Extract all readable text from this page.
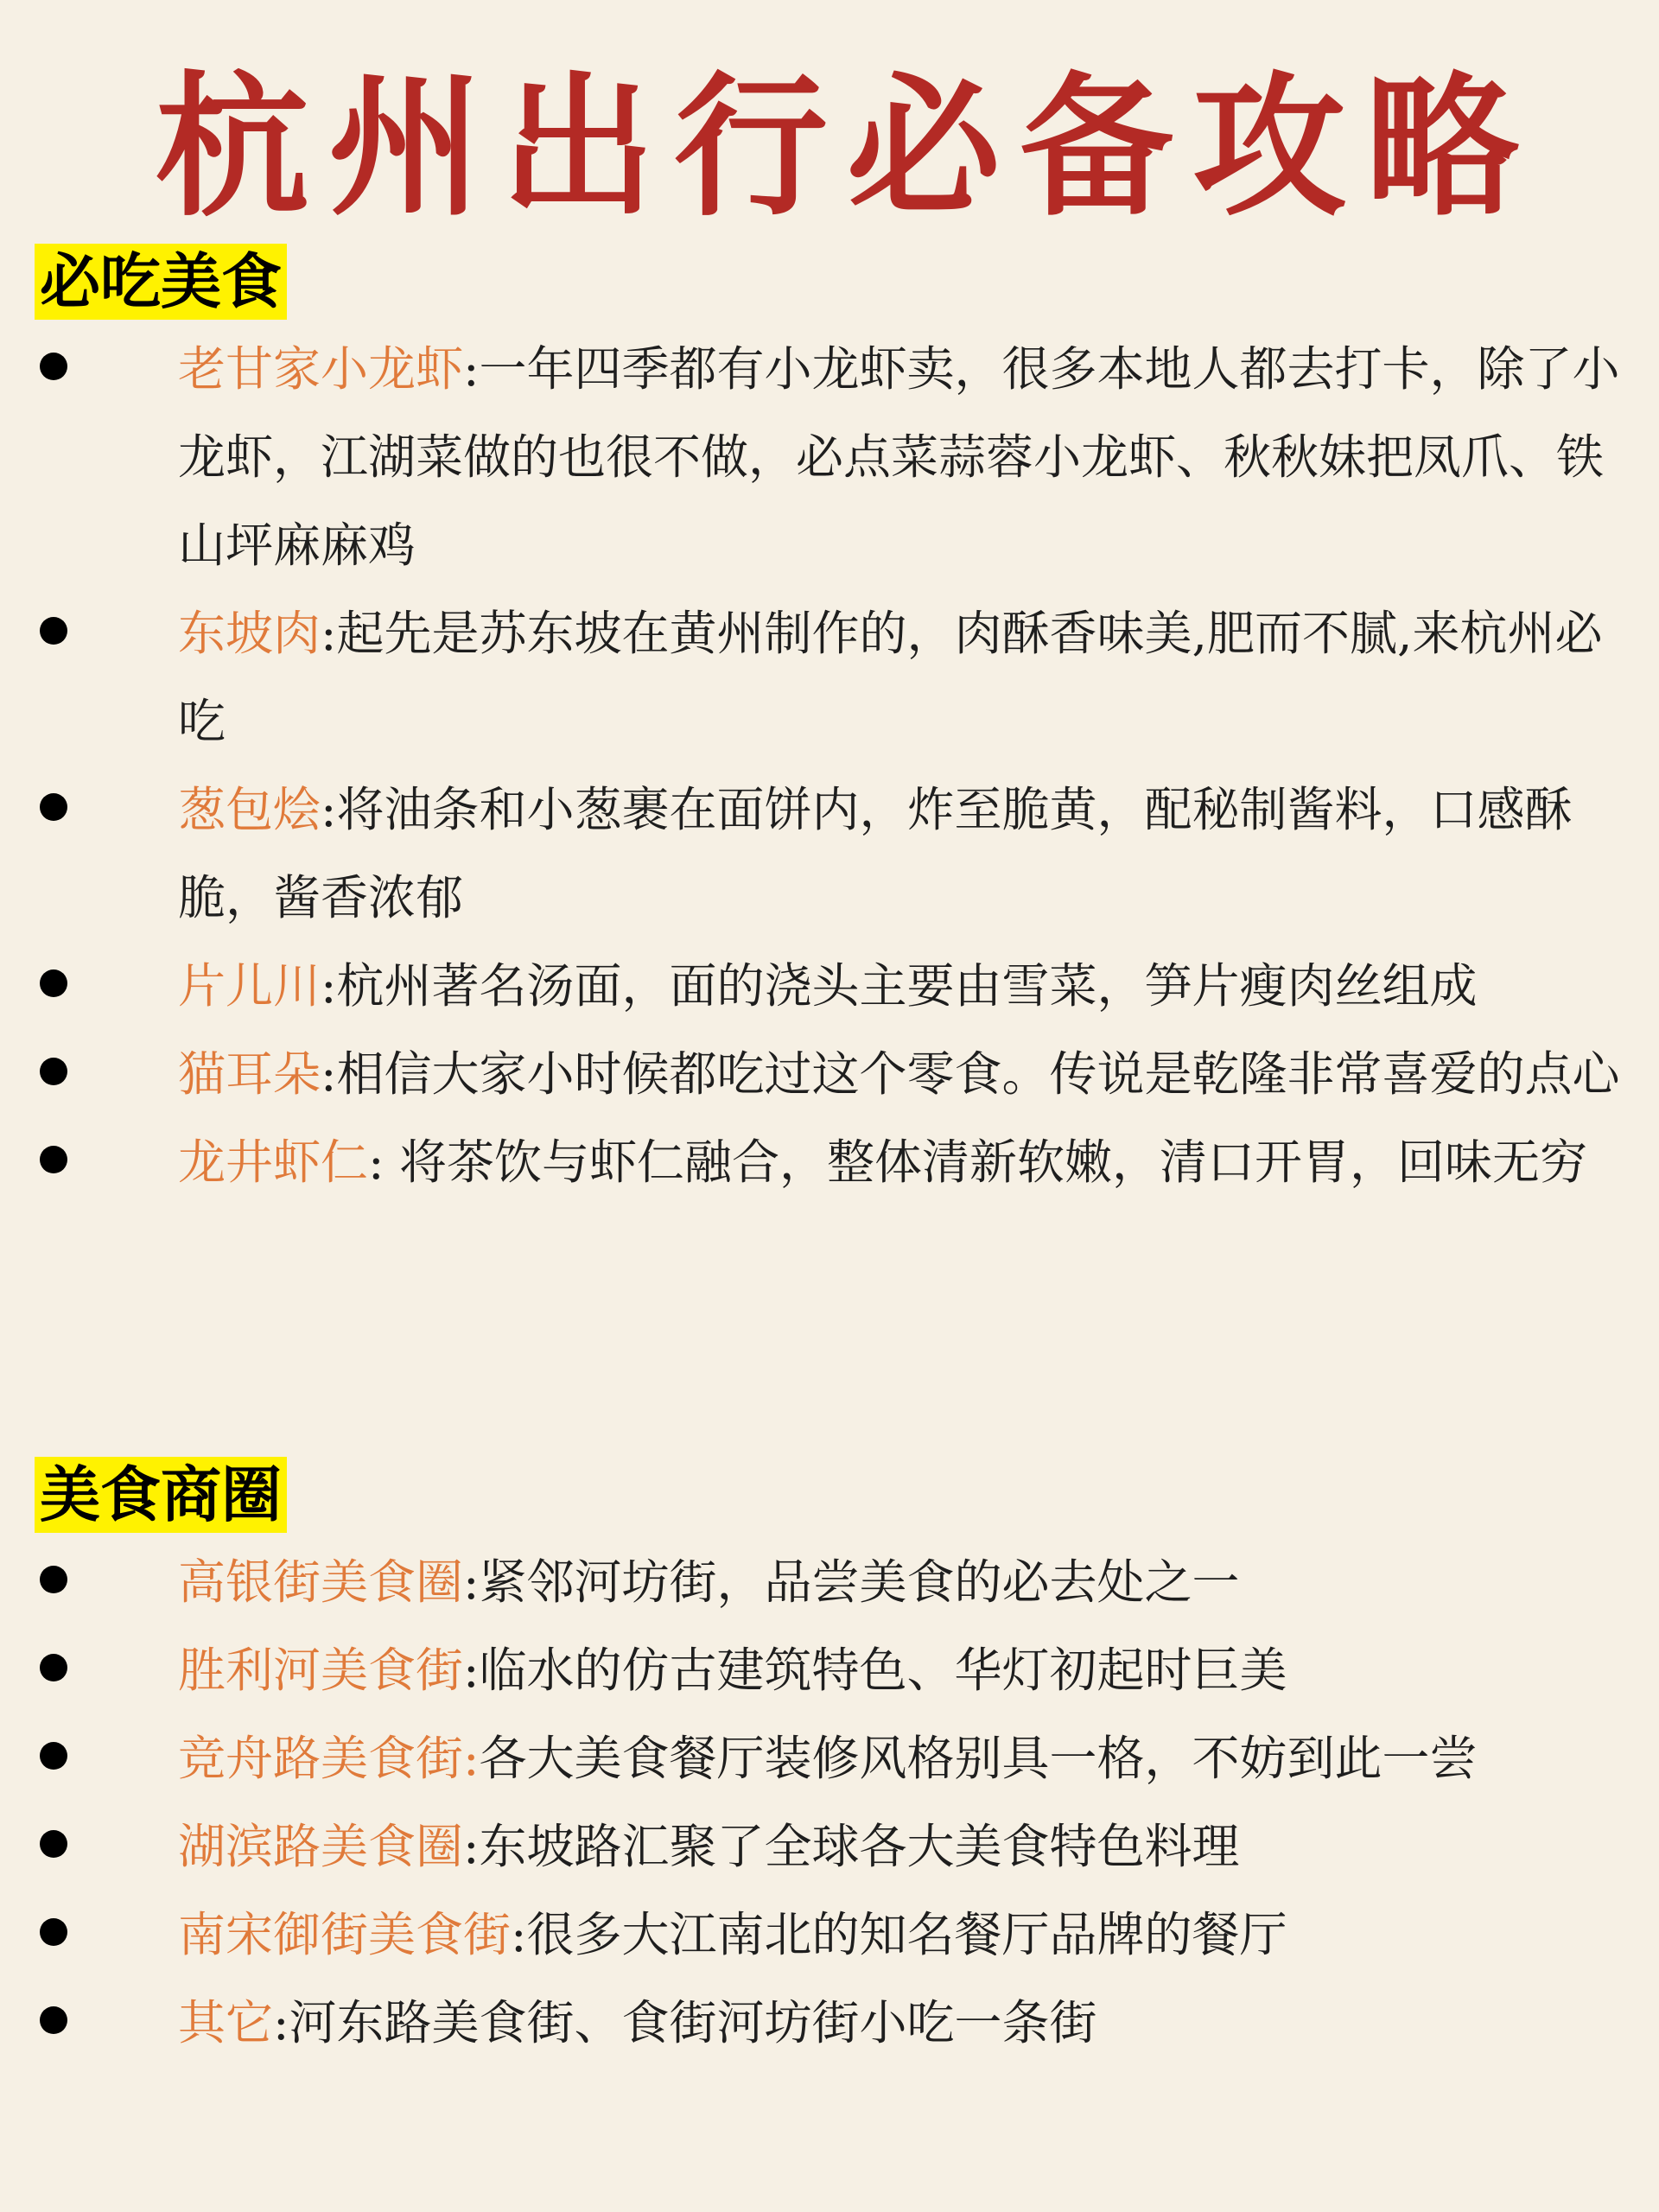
杭州出行必备攻略
必吃美食
老甘家小龙虾:一年四季都有小龙虾卖，很多本地人都去打卡，除了小龙虾，江湖菜做的也很不做，必点菜蒜蓉小龙虾、秋秋妹把凤爪、铁山坪麻麻鸡
东坡肉:起先是苏东坡在黄州制作的，肉酥香味美,肥而不腻,来杭州必吃
葱包烩:将油条和小葱裹在面饼内，炸至脆黄，配秘制酱料，口感酥脆，酱香浓郁
片儿川:杭州著名汤面，面的浇头主要由雪菜，笋片瘦肉丝组成
猫耳朵:相信大家小时候都吃过这个零食。传说是乾隆非常喜爱的点心
龙井虾仁: 将茶饮与虾仁融合，整体清新软嫩，清口开胃，回味无穷
美食商圈
高银街美食圈:紧邻河坊街，品尝美食的必去处之一
胜利河美食街:临水的仿古建筑特色、华灯初起时巨美
竞舟路美食街:各大美食餐厅装修风格别具一格，不妨到此一尝
湖滨路美食圈:东坡路汇聚了全球各大美食特色料理
南宋御街美食街:很多大江南北的知名餐厅品牌的餐厅
其它:河东路美食街、食街河坊街小吃一条街
